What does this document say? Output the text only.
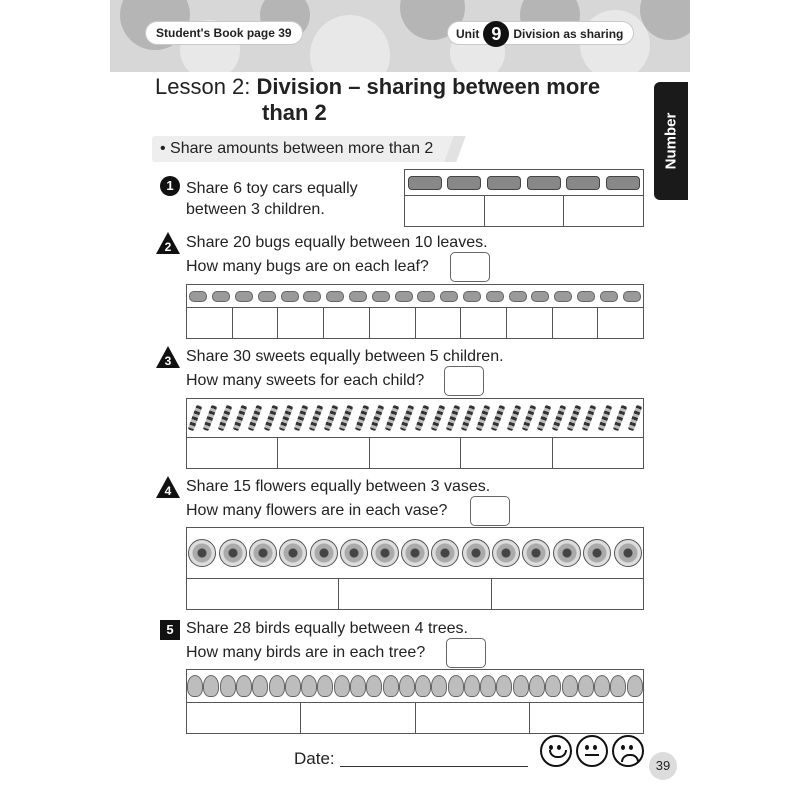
Student's Book page 39	Unit 9 Division as sharing
Lesson 2: Division – sharing between more
than 2
Number
• Share amounts between more than 2
1 Share 6 toy cars equally
between 3 children.
2 Share 20 bugs equally between 10 leaves.
How many bugs are on each leaf?
3 Share 30 sweets equally between 5 children.
How many sweets for each child?
4 Share 15 flowers equally between 3 vases.
How many flowers are in each vase?
5 Share 28 birds equally between 4 trees.
How many birds are in each tree?
Date:	39
